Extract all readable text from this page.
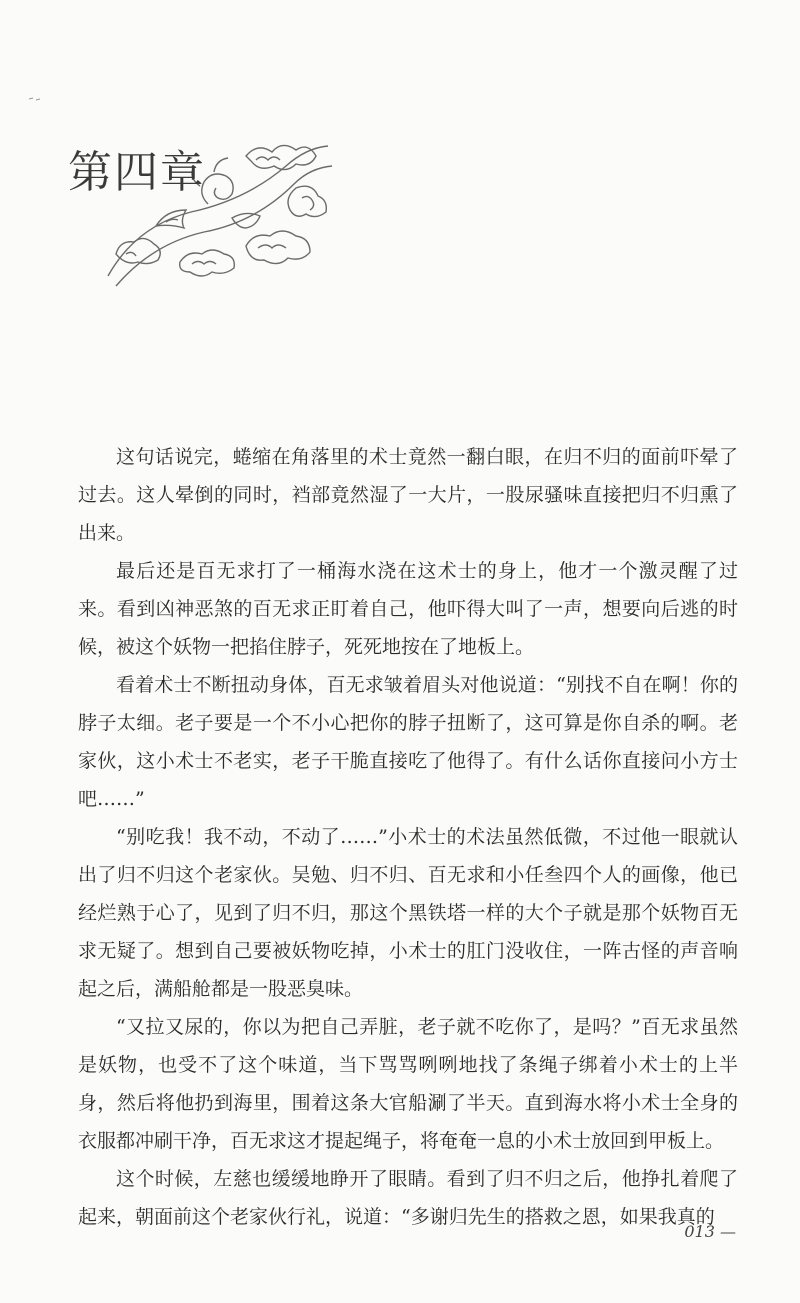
第四章

这句话说完，蜷缩在角落里的术士竟然一翻白眼，在归不归的面前吓晕了过去。这人晕倒的同时，裆部竟然湿了一大片，一股尿骚味直接把归不归熏了出来。

最后还是百无求打了一桶海水浇在这术士的身上，他才一个激灵醒了过来。看到凶神恶煞的百无求正盯着自己，他吓得大叫了一声，想要向后逃的时候，被这个妖物一把掐住脖子，死死地按在了地板上。

看着术士不断扭动身体，百无求皱着眉头对他说道：“别找不自在啊！你的脖子太细。老子要是一个不小心把你的脖子扭断了，这可算是你自杀的啊。老家伙，这小术士不老实，老子干脆直接吃了他得了。有什么话你直接问小方士吧……”

“别吃我！我不动，不动了……”小术士的术法虽然低微，不过他一眼就认出了归不归这个老家伙。吴勉、归不归、百无求和小任叁四个人的画像，他已经烂熟于心了，见到了归不归，那这个黑铁塔一样的大个子就是那个妖物百无求无疑了。想到自己要被妖物吃掉，小术士的肛门没收住，一阵古怪的声音响起之后，满船舱都是一股恶臭味。

“又拉又尿的，你以为把自己弄脏，老子就不吃你了，是吗？”百无求虽然是妖物，也受不了这个味道，当下骂骂咧咧地找了条绳子绑着小术士的上半身，然后将他扔到海里，围着这条大官船涮了半天。直到海水将小术士全身的衣服都冲刷干净，百无求这才提起绳子，将奄奄一息的小术士放回到甲板上。

这个时候，左慈也缓缓地睁开了眼睛。看到了归不归之后，他挣扎着爬了起来，朝面前这个老家伙行礼，说道：“多谢归先生的搭救之恩，如果我真的

013 —
